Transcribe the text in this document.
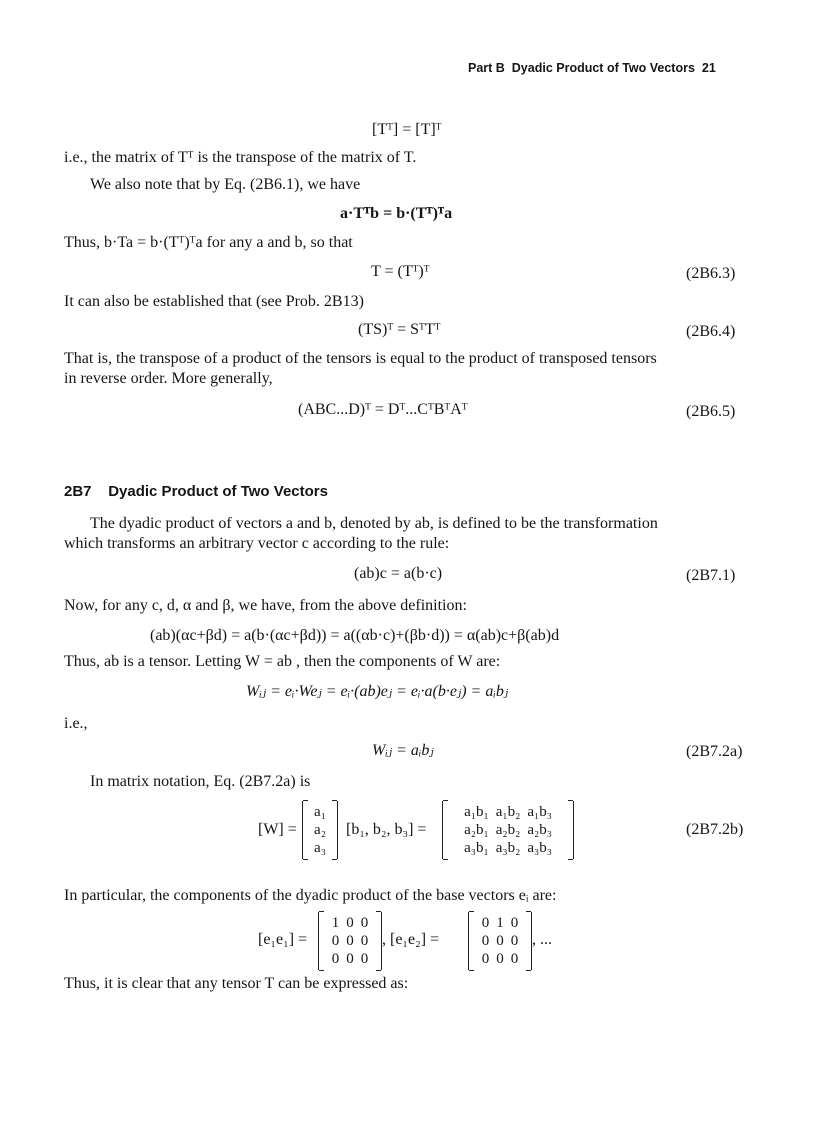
Part B Dyadic Product of Two Vectors 21
[Tᵀ] = [T]ᵀ
i.e., the matrix of Tᵀ is the transpose of the matrix of T.
We also note that by Eq. (2B6.1), we have
a·Tᵀb = b·(Tᵀ)ᵀa
Thus, b·Ta = b·(Tᵀ)ᵀa for any a and b, so that
T = (Tᵀ)ᵀ	(2B6.3)
It can also be established that (see Prob. 2B13)
(TS)ᵀ = SᵀTᵀ	(2B6.4)
That is, the transpose of a product of the tensors is equal to the product of transposed tensors
in reverse order. More generally,
(ABC...D)ᵀ = Dᵀ...CᵀBᵀAᵀ	(2B6.5)
2B7 Dyadic Product of Two Vectors
The dyadic product of vectors a and b, denoted by ab, is defined to be the transformation
which transforms an arbitrary vector c according to the rule:
(ab)c = a(b·c)	(2B7.1)
Now, for any c, d, α and β, we have, from the above definition:
(ab)(αc+βd) = a(b·(αc+βd)) = a((αb·c)+(βb·d)) = α(ab)c+β(ab)d
Thus, ab is a tensor. Letting W = ab , then the components of W are:
Wᵢⱼ = eᵢ·Weⱼ = eᵢ·(ab)eⱼ = eᵢ·a(b·eⱼ) = aᵢbⱼ
i.e.,
Wᵢⱼ = aᵢbⱼ	(2B7.2a)
In matrix notation, Eq. (2B7.2a) is
[W] =
a₁
a₂
a₃
[b₁, b₂, b₃] =
a₁b₁ a₁b₂ a₁b₃
a₂b₁ a₂b₂ a₂b₃
a₃b₁ a₃b₂ a₃b₃
(2B7.2b)
In particular, the components of the dyadic product of the base vectors eᵢ are:
[e₁e₁] =
1 0 0
0 0 0
0 0 0
, [e₁e₂] =
0 1 0
0 0 0
0 0 0
, ...
Thus, it is clear that any tensor T can be expressed as:
